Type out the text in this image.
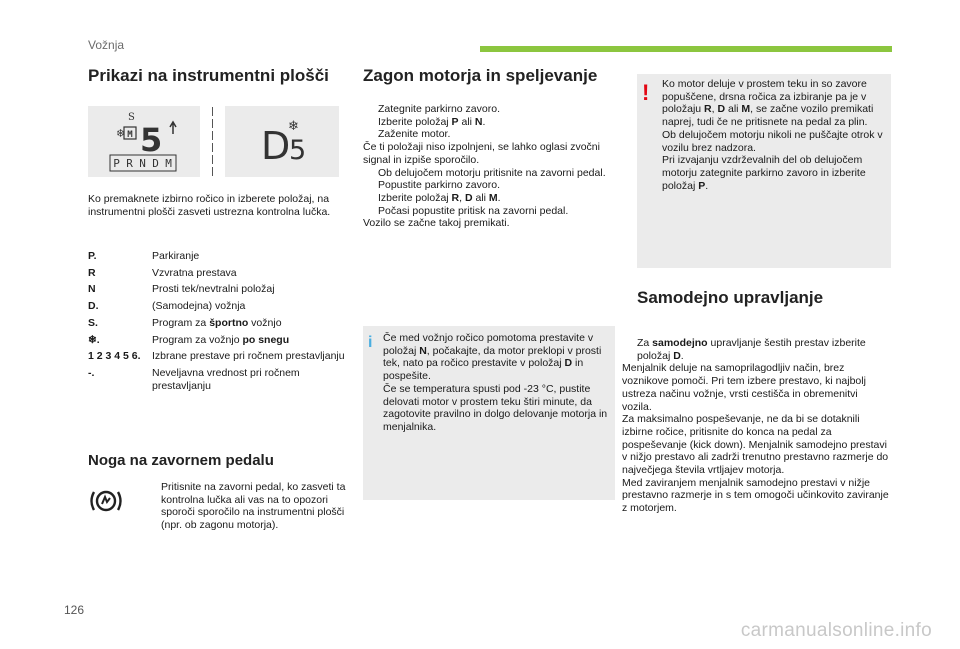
Vožnja
Prikazi na instrumentni plošči
S
❄ M 5
P R N D M D
5
❄

Ko premaknete izbirno ročico in izberete položaj, na instrumentni plošči zasveti ustrezna kontrolna lučka.

P.	Parkiranje
R	Vzvratna prestava
N	Prosti tek/nevtralni položaj
D.	(Samodejna) vožnja
S.	Program za športno vožnjo
❄.	Program za vožnjo po snegu
1 2 3 4 5 6.	Izbrane prestave pri ročnem prestavljanju
-.	Neveljavna vrednost pri ročnem prestavljanju
Noga na zavornem pedalu
Pritisnite na zavorni pedal, ko zasveti ta kontrolna lučka ali vas na to opozori sporoči sporočilo na instrumentni plošči (npr. ob zagonu motorja).
Zagon motorja in speljevanje
Zategnite parkirno zavoro.
Izberite položaj P ali N.
Zaženite motor.

Če ti položaji niso izpolnjeni, se lahko oglasi zvočni signal in izpiše sporočilo.

Ob delujočem motorju pritisnite na zavorni pedal.
Popustite parkirno zavoro.
Izberite položaj R, D ali M.
Počasi popustite pritisk na zavorni pedal.

Vozilo se začne takoj premikati.

i Če med vožnjo ročico pomotoma prestavite v položaj N, počakajte, da motor preklopi v prosti tek, nato pa ročico prestavite v položaj D in pospešite.

Če se temperatura spusti pod -23 °C, pustite delovati motor v prostem teku štiri minute, da zagotovite pravilno in dolgo delovanje motorja in menjalnika.

! Ko motor deluje v prostem teku in so zavore popuščene, drsna ročica za izbiranje pa je v položaju R, D ali M, se začne vozilo premikati naprej, tudi če ne pritisnete na pedal za plin.

Ob delujočem motorju nikoli ne puščajte otrok v vozilu brez nadzora.

Pri izvajanju vzdrževalnih del ob delujočem motorju zategnite parkirno zavoro in izberite položaj P.

Samodejno upravljanje
Za samodejno upravljanje šestih prestav izberite položaj D.

Menjalnik deluje na samoprilagodljiv način, brez voznikove pomoči. Pri tem izbere prestavo, ki najbolj ustreza načinu vožnje, vrsti cestišča in obremenitvi vozila.

Za maksimalno pospeševanje, ne da bi se dotaknili izbirne ročice, pritisnite do konca na pedal za pospeševanje (kick down). Menjalnik samodejno prestavi v nižjo prestavo ali zadrži trenutno prestavno razmerje do največjega števila vrtljajev motorja.

Med zaviranjem menjalnik samodejno prestavi v nižje prestavno razmerje in s tem omogoči učinkovito zaviranje z motorjem.

126
carmanualsonline.info
